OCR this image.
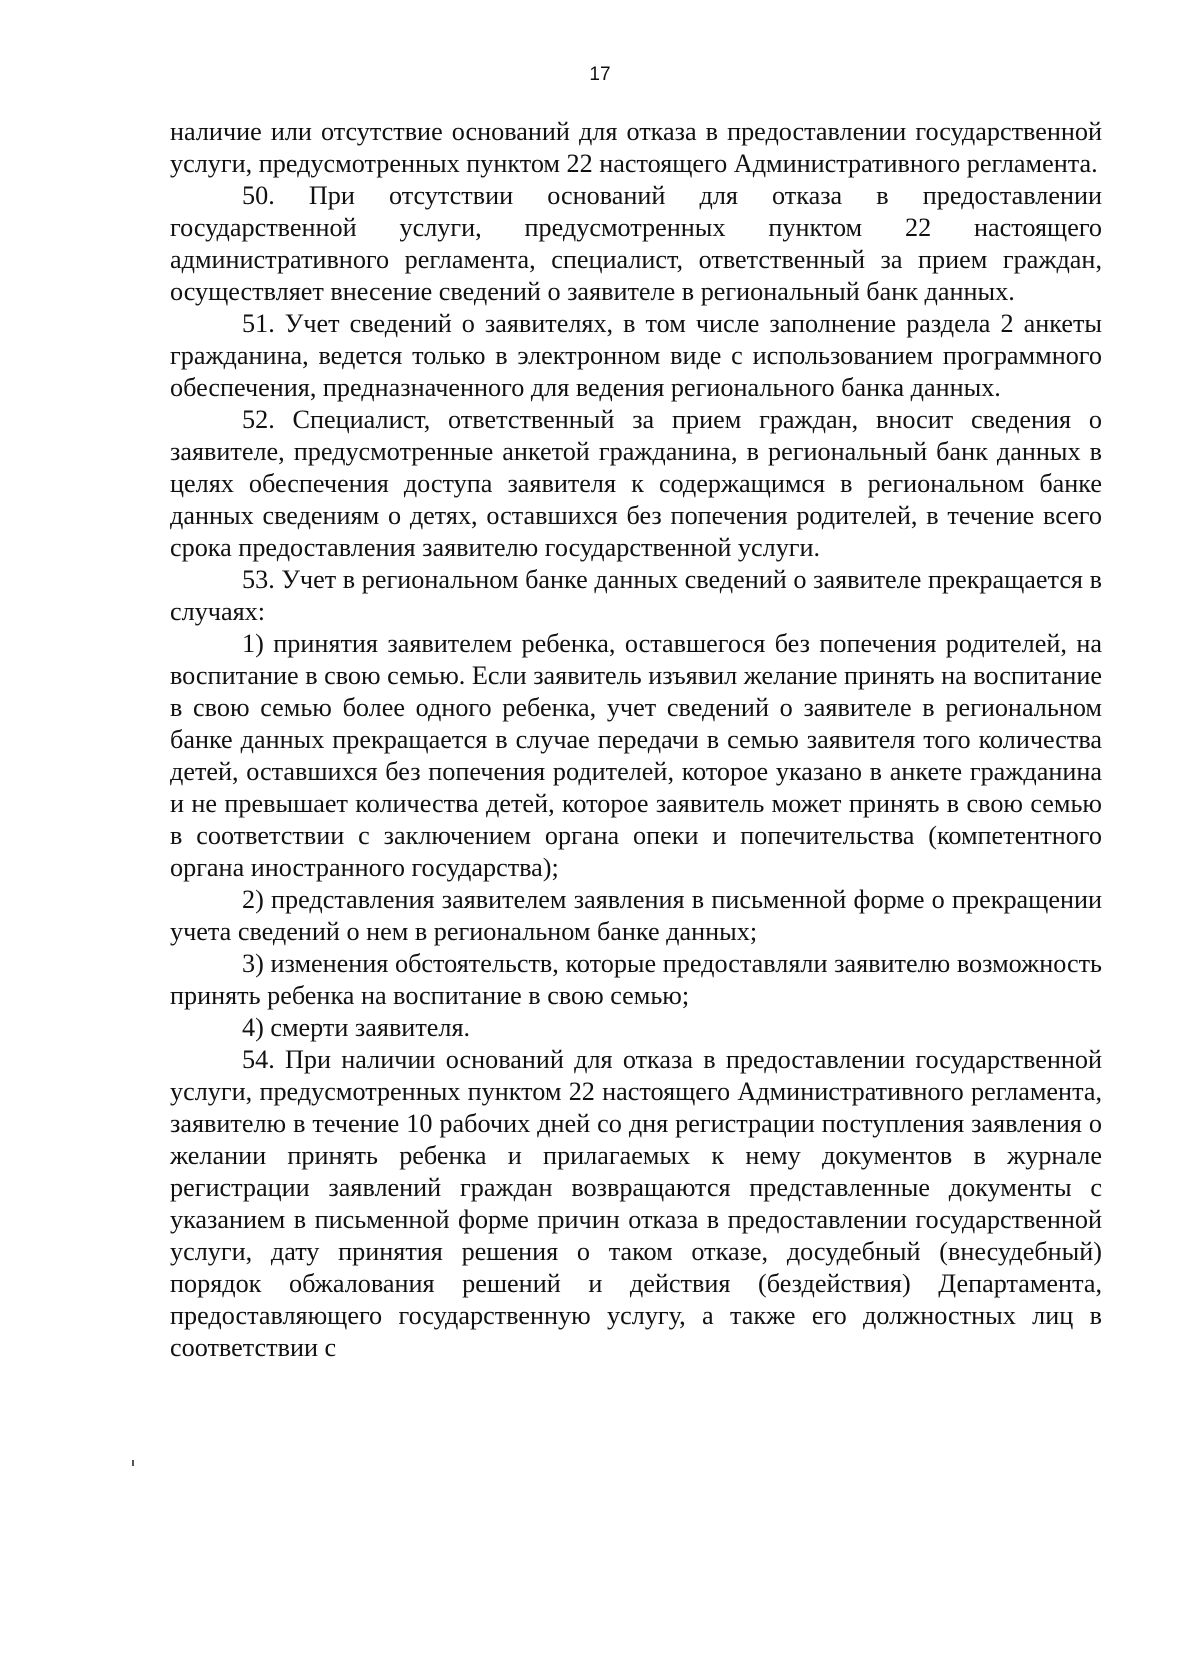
17

наличие или отсутствие оснований для отказа в предоставлении государственной услуги, предусмотренных пунктом 22 настоящего Административного регламента.

50. При отсутствии оснований для отказа в предоставлении государственной услуги, предусмотренных пунктом 22 настоящего административного регламента, специалист, ответственный за прием граждан, осуществляет внесение сведений о заявителе в региональный банк данных.

51. Учет сведений о заявителях, в том числе заполнение раздела 2 анкеты гражданина, ведется только в электронном виде с использованием программного обеспечения, предназначенного для ведения регионального банка данных.

52. Специалист, ответственный за прием граждан, вносит сведения о заявителе, предусмотренные анкетой гражданина, в региональный банк данных в целях обеспечения доступа заявителя к содержащимся в региональном банке данных сведениям о детях, оставшихся без попечения родителей, в течение всего срока предоставления заявителю государственной услуги.

53. Учет в региональном банке данных сведений о заявителе прекращается в случаях:

1) принятия заявителем ребенка, оставшегося без попечения родителей, на воспитание в свою семью. Если заявитель изъявил желание принять на воспитание в свою семью более одного ребенка, учет сведений о заявителе в региональном банке данных прекращается в случае передачи в семью заявителя того количества детей, оставшихся без попечения родителей, которое указано в анкете гражданина и не превышает количества детей, которое заявитель может принять в свою семью в соответствии с заключением органа опеки и попечительства (компетентного органа иностранного государства);

2) представления заявителем заявления в письменной форме о прекращении учета сведений о нем в региональном банке данных;

3) изменения обстоятельств, которые предоставляли заявителю возможность принять ребенка на воспитание в свою семью;

4) смерти заявителя.

54. При наличии оснований для отказа в предоставлении государственной услуги, предусмотренных пунктом 22 настоящего Административного регламента, заявителю в течение 10 рабочих дней со дня регистрации поступления заявления о желании принять ребенка и прилагаемых к нему документов в журнале регистрации заявлений граждан возвращаются представленные документы с указанием в письменной форме причин отказа в предоставлении государственной услуги, дату принятия решения о таком отказе, досудебный (внесудебный) порядок обжалования решений и действия (бездействия) Департамента, предоставляющего государственную услугу, а также его должностных лиц в соответствии с
